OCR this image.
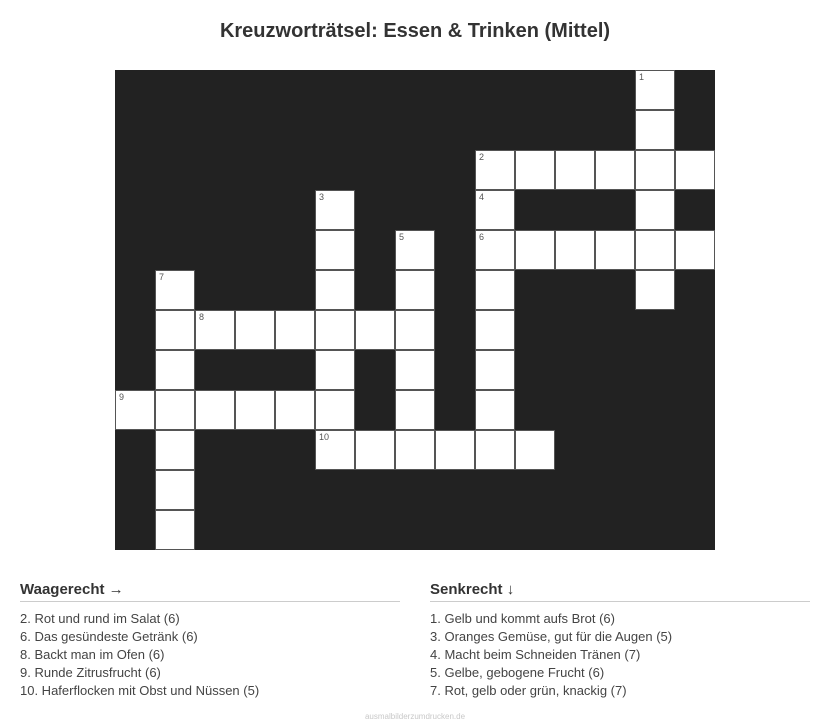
Kreuzworträtsel: Essen & Trinken (Mittel)
1
2
3	4
5	6
7
8
9
10
Waagerecht →
2. Rot und rund im Salat (6)
6. Das gesündeste Getränk (6)
8. Backt man im Ofen (6)
9. Runde Zitrusfrucht (6)
10. Haferflocken mit Obst und Nüssen (5)
Senkrecht ↓
1. Gelb und kommt aufs Brot (6)
3. Oranges Gemüse, gut für die Augen (5)
4. Macht beim Schneiden Tränen (7)
5. Gelbe, gebogene Frucht (6)
7. Rot, gelb oder grün, knackig (7)
ausmalbilderzumdrucken.de
